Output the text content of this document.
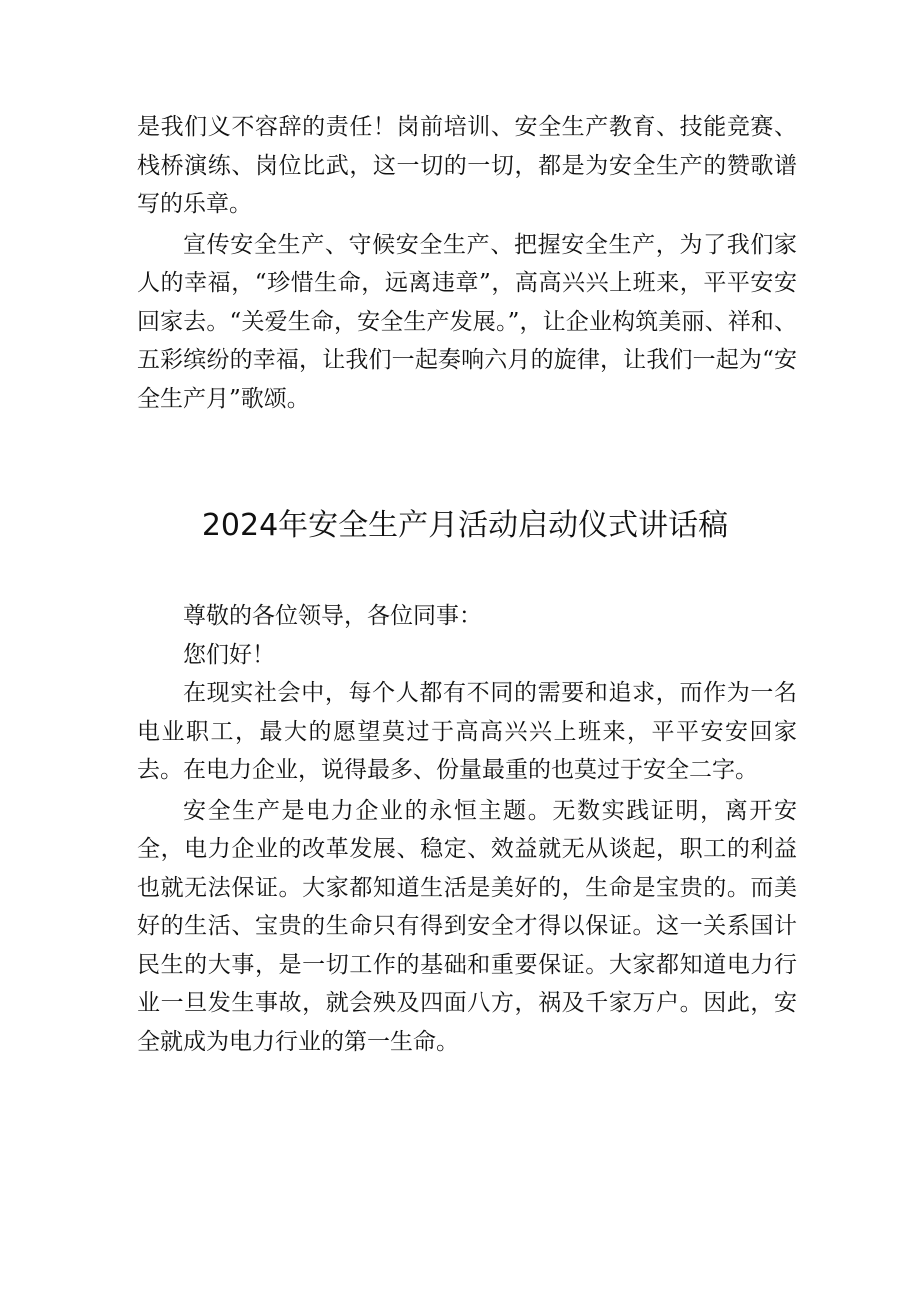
是我们义不容辞的责任！岗前培训、安全生产教育、技能竞赛、栈桥演练、岗位比武，这一切的一切，都是为安全生产的赞歌谱写的乐章。

宣传安全生产、守候安全生产、把握安全生产，为了我们家人的幸福，“珍惜生命，远离违章”，高高兴兴上班来，平平安安回家去。“关爱生命，安全生产发展。”，让企业构筑美丽、祥和、五彩缤纷的幸福，让我们一起奏响六月的旋律，让我们一起为“安全生产月”歌颂。

2024年安全生产月活动启动仪式讲话稿

尊敬的各位领导，各位同事：

您们好！

在现实社会中，每个人都有不同的需要和追求，而作为一名电业职工，最大的愿望莫过于高高兴兴上班来，平平安安回家去。在电力企业，说得最多、份量最重的也莫过于安全二字。

安全生产是电力企业的永恒主题。无数实践证明，离开安全，电力企业的改革发展、稳定、效益就无从谈起，职工的利益也就无法保证。大家都知道生活是美好的，生命是宝贵的。而美好的生活、宝贵的生命只有得到安全才得以保证。这一关系国计民生的大事，是一切工作的基础和重要保证。大家都知道电力行业一旦发生事故，就会殃及四面八方，祸及千家万户。因此，安全就成为电力行业的第一生命。
